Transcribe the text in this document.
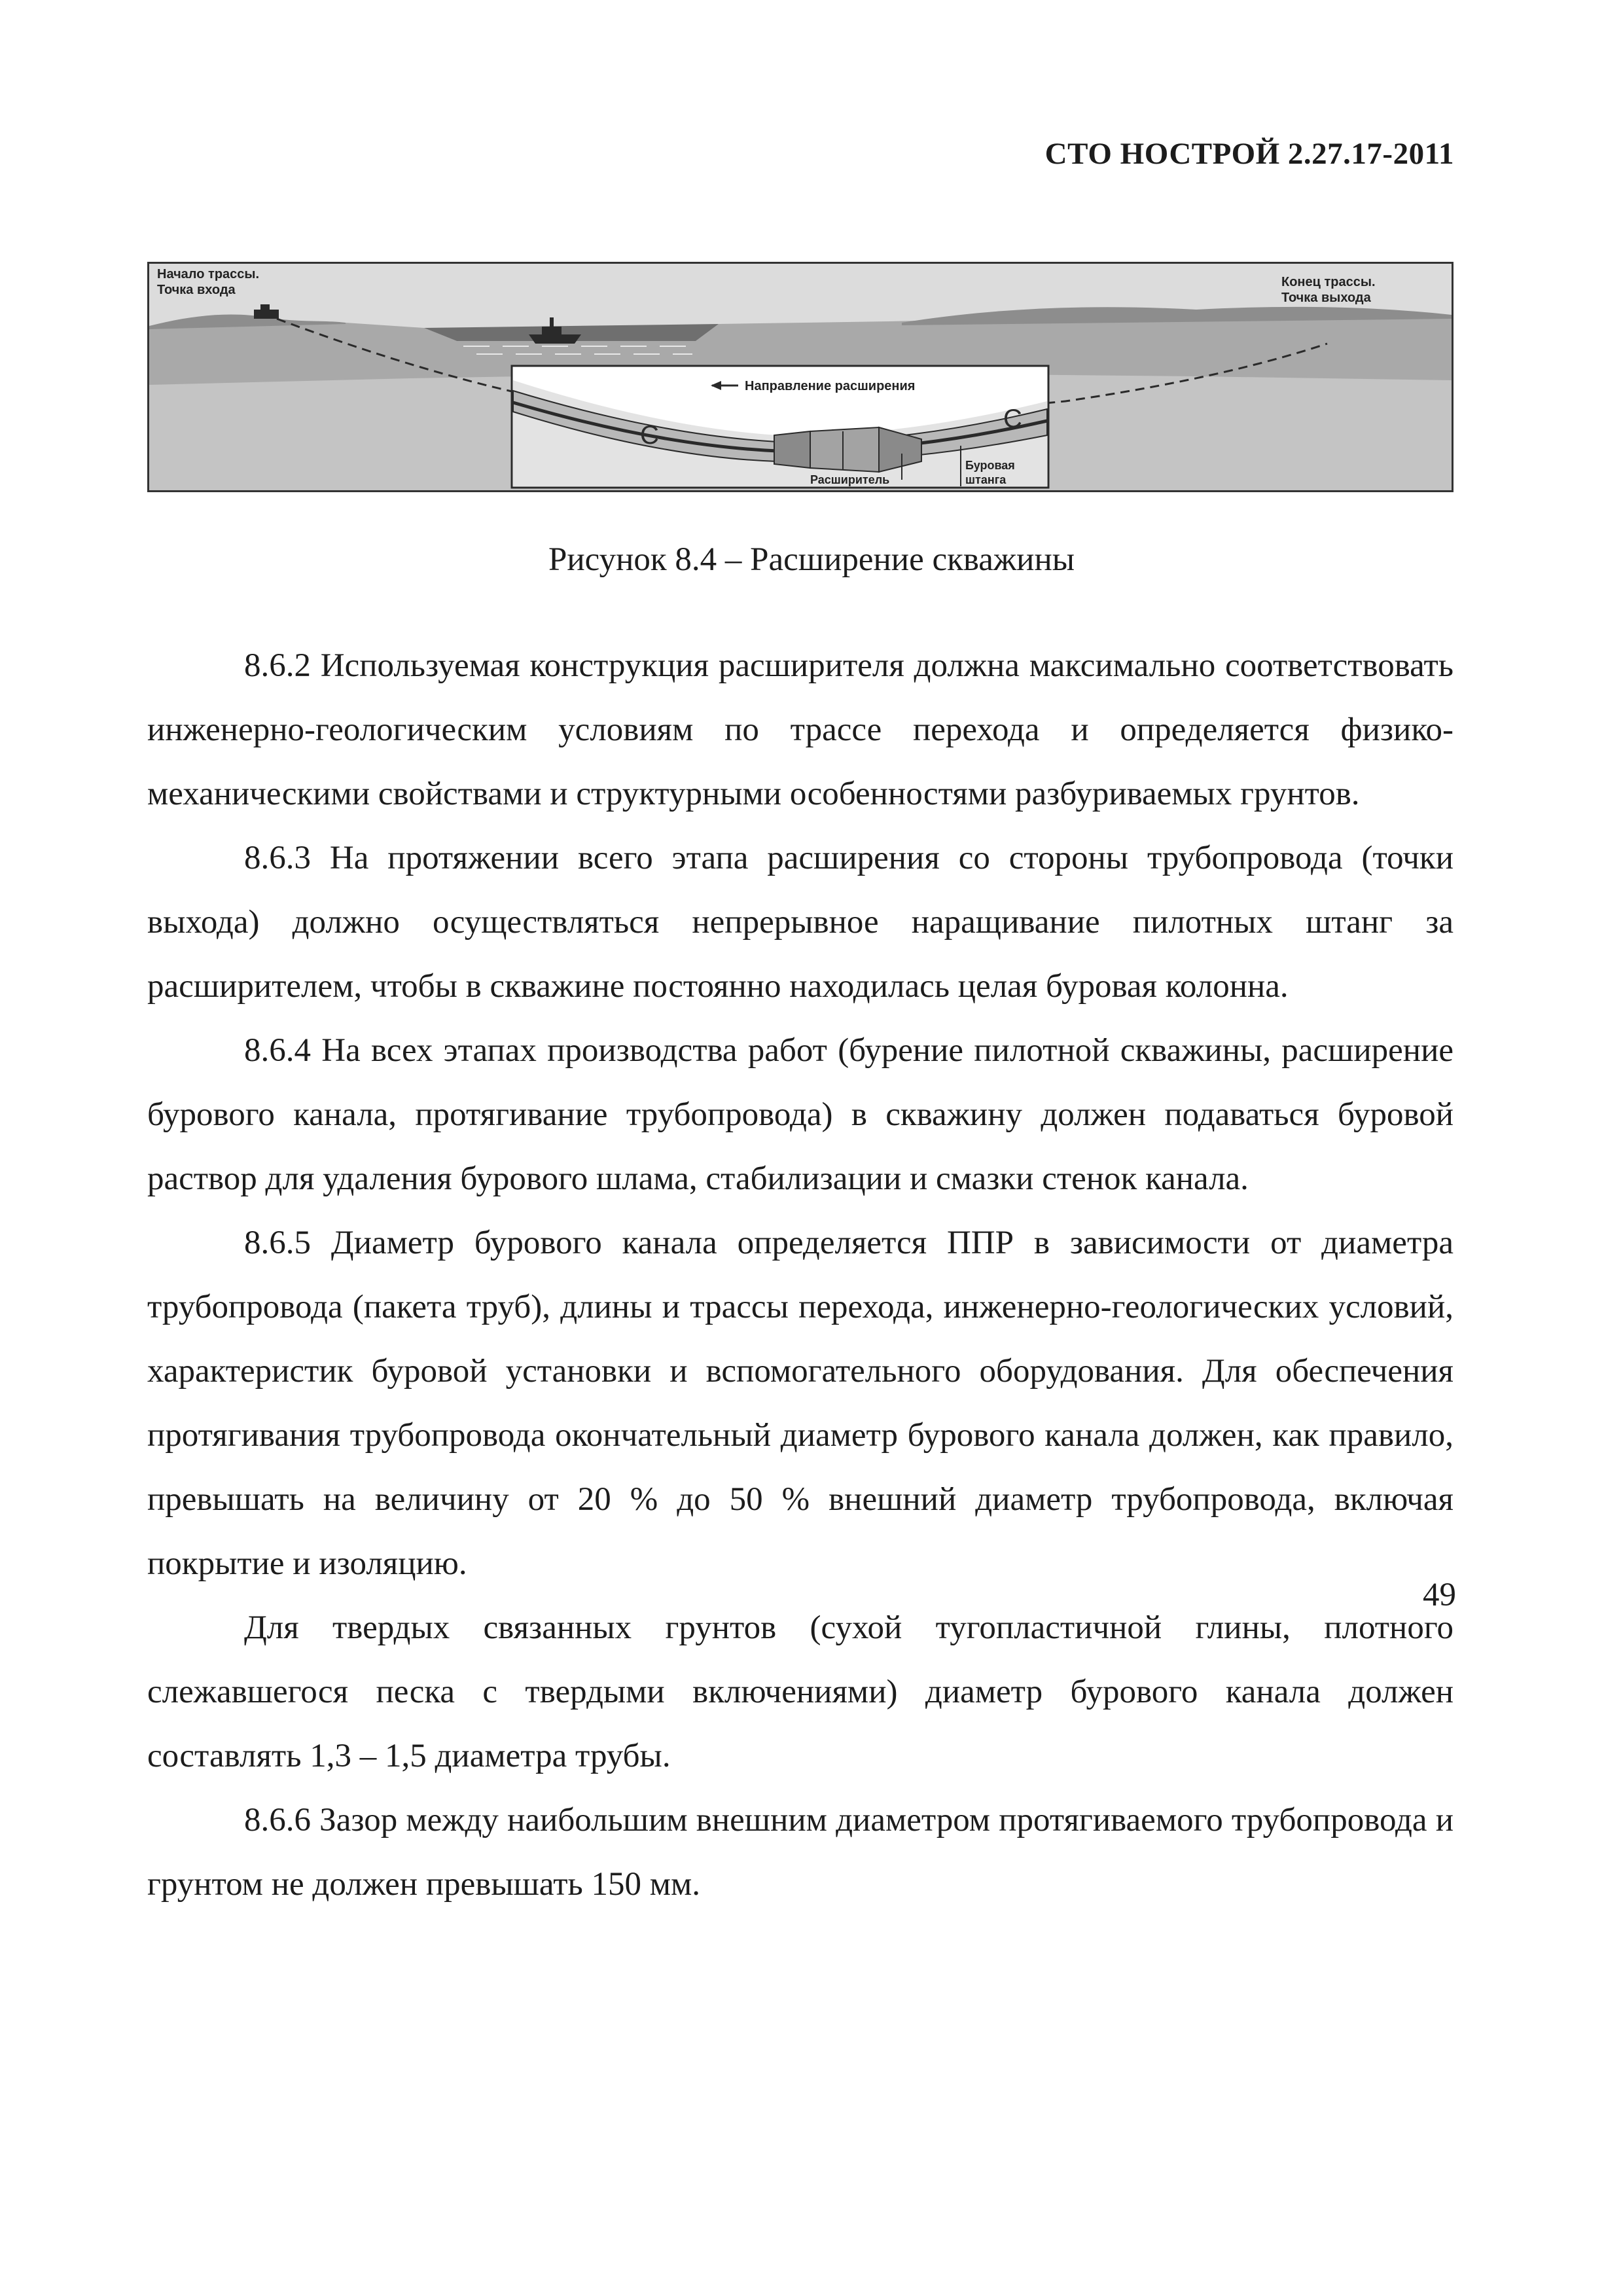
СТО НОСТРОЙ 2.27.17-2011
C
C
Начало трассы.
Точка входа
Конец трассы.
Точка выхода
Направление расширения
Расширитель
Буровая
штанга
Рисунок 8.4 – Расширение скважины

8.6.2 Используемая конструкция расширителя должна максимально соответствовать инженерно-геологическим условиям по трассе перехода и определяется физико-механическими свойствами и структурными особенностями разбуриваемых грунтов.

8.6.3 На протяжении всего этапа расширения со стороны трубопровода (точки выхода) должно осуществляться непрерывное наращивание пилотных штанг за расширителем, чтобы в скважине постоянно находилась целая буровая колонна.

8.6.4 На всех этапах производства работ (бурение пилотной скважины, расширение бурового канала, протягивание трубопровода) в скважину должен подаваться буровой раствор для удаления бурового шлама, стабилизации и смазки стенок канала.

8.6.5 Диаметр бурового канала определяется ППР в зависимости от диаметра трубопровода (пакета труб), длины и трассы перехода, инженерно-геологических условий, характеристик буровой установки и вспомогательного оборудования. Для обеспечения протягивания трубопровода окончательный диаметр бурового канала должен, как правило, превышать на величину от 20 % до 50 % внешний диаметр трубопровода, включая покрытие и изоляцию.

Для твердых связанных грунтов (сухой тугопластичной глины, плотного слежавшегося песка с твердыми включениями) диаметр бурового канала должен составлять 1,3 – 1,5 диаметра трубы.

8.6.6 Зазор между наибольшим внешним диаметром протягиваемого трубопровода и грунтом не должен превышать 150 мм.

49
